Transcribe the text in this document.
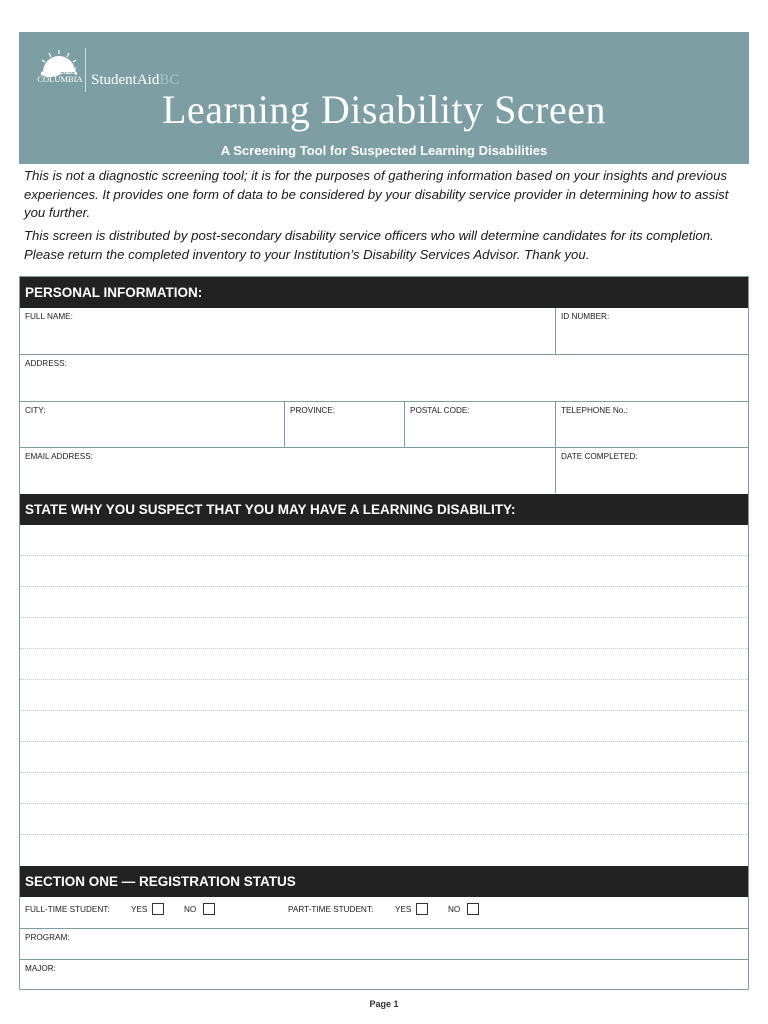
BRITISH
COLUMBIA StudentAidBC
Learning Disability Screen
A Screening Tool for Suspected Learning Disabilities
This is not a diagnostic screening tool; it is for the purposes of gathering information based on your insights and previous experiences. It provides one form of data to be considered by your disability service provider in determining how to assist you further.
This screen is distributed by post-secondary disability service officers who will determine candidates for its completion. Please return the completed inventory to your Institution’s Disability Services Advisor. Thank you.
PERSONAL INFORMATION:
FULL NAME:	ID NUMBER:
ADDRESS:
CITY:	PROVINCE:	POSTAL CODE:	TELEPHONE No.:
EMAIL ADDRESS:	DATE COMPLETED:
STATE WHY YOU SUSPECT THAT YOU MAY HAVE A LEARNING DISABILITY:
SECTION ONE — REGISTRATION STATUS
FULL-TIME STUDENT:	YES	NO	PART-TIME STUDENT:	YES	NO
PROGRAM:
MAJOR:
Page 1
